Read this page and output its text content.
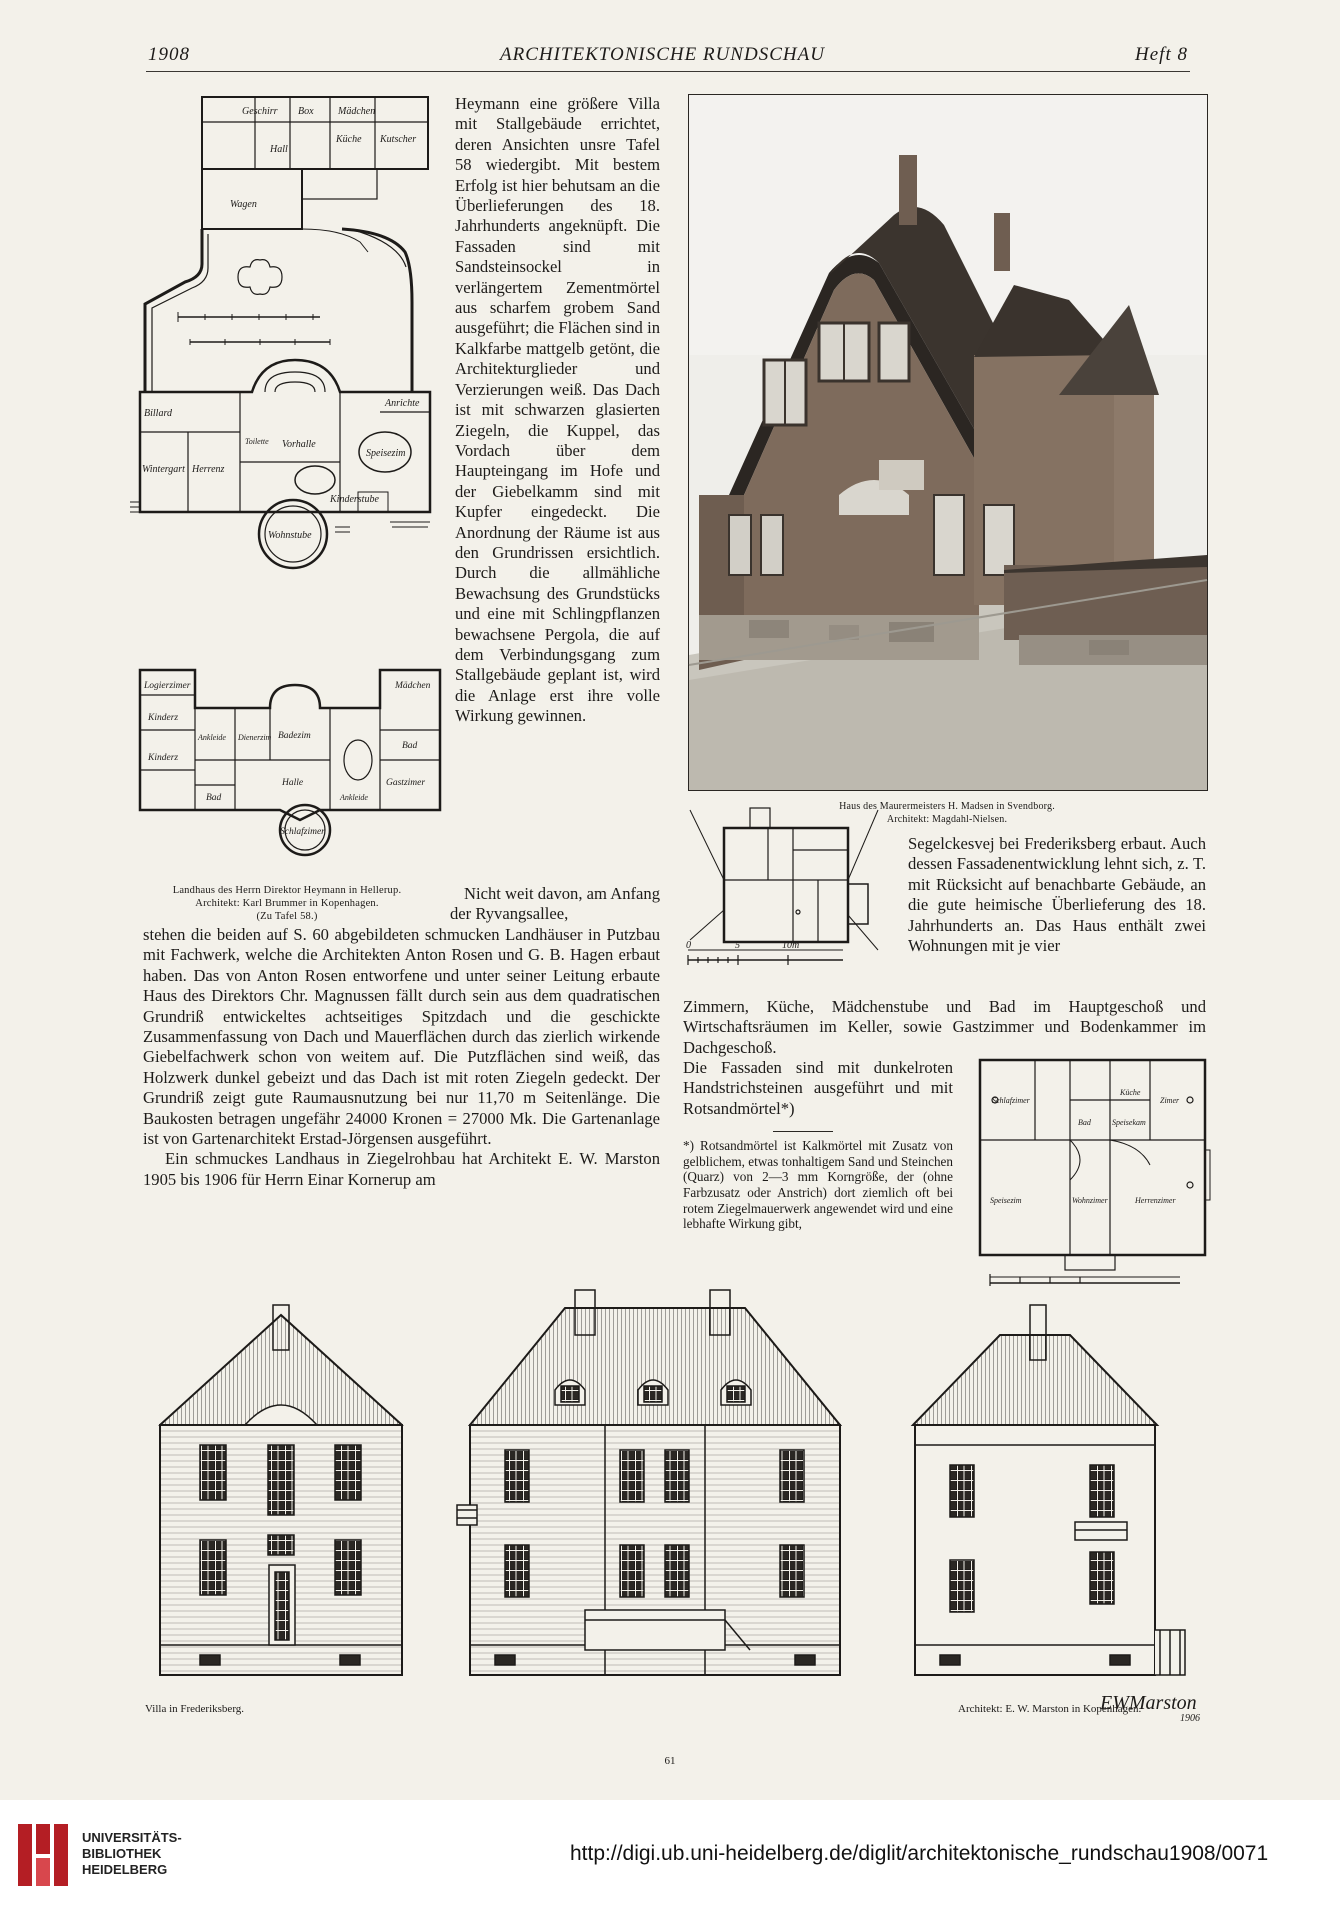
1908	ARCHITEKTONISCHE RUNDSCHAU	Heft 8
Geschirr Box Mädchen
Küche Kutscher
Hall
Wagen
Billard
Vorhalle
Speisezim
Wintergart Herrenz
Kinderstube
Wohnstube
Anrichte
Toilette
Logierzimer
Kinderz
Kinderz
Ankleide Dienerzim Badezim
Mädchen
Bad
Gastzimer
Bad
Halle
Schlafzimer
Ankleide
Landhaus des Herrn Direktor Heymann in Hellerup.
Architekt: Karl Brummer in Kopenhagen.
(Zu Tafel 58.)

Heymann eine größere Villa mit Stallgebäude errichtet, deren Ansichten unsre Tafel 58 wiedergibt. Mit bestem Erfolg ist hier behutsam an die Überlieferungen des 18. Jahrhunderts angeknüpft. Die Fassaden sind mit Sandsteinsockel in verlängertem Zementmörtel aus scharfem grobem Sand ausgeführt; die Flächen sind in Kalkfarbe mattgelb getönt, die Architekturglieder und Verzierungen weiß. Das Dach ist mit schwarzen glasierten Ziegeln, die Kuppel, das Vordach über dem Haupteingang im Hofe und der Giebelkamm sind mit Kupfer eingedeckt. Die Anordnung der Räume ist aus den Grundrissen ersichtlich. Durch die allmähliche Bewachsung des Grundstücks und eine mit Schlingpflanzen bewachsene Pergola, die auf dem Verbindungsgang zum Stallgebäude geplant ist, wird die Anlage erst ihre volle Wirkung gewinnen.

Nicht weit davon, am Anfang der Ryvangsallee,

stehen die beiden auf S. 60 abgebildeten schmucken Landhäuser in Putzbau mit Fachwerk, welche die Architekten Anton Rosen und G. B. Hagen erbaut haben. Das von Anton Rosen entworfene und unter seiner Leitung erbaute Haus des Direktors Chr. Magnussen fällt durch sein aus dem quadratischen Grundriß entwickeltes achtseitiges Spitzdach und die geschickte Zusammenfassung von Dach und Mauerflächen durch das zierlich wirkende Giebelfachwerk schon von weitem auf. Die Putzflächen sind weiß, das Holzwerk dunkel gebeizt und das Dach ist mit roten Ziegeln gedeckt. Der Grundriß zeigt gute Raumausnutzung bei nur 11,70 m Seitenlänge. Die Baukosten betragen ungefähr 24000 Kronen = 27000 Mk. Die Gartenanlage ist von Gartenarchitekt Erstad-Jörgensen ausgeführt.

Ein schmuckes Landhaus in Ziegelrohbau hat Architekt E. W. Marston 1905 bis 1906 für Herrn Einar Kornerup am

Haus des Maurermeisters H. Madsen in Svendborg.
Architekt: Magdahl-Nielsen.
0	5	10m

Segelckesvej bei Frederiksberg erbaut. Auch dessen Fassadenentwicklung lehnt sich, z. T. mit Rücksicht auf benachbarte Gebäude, an die gute heimische Überlieferung des 18. Jahrhunderts an. Das Haus enthält zwei Wohnungen mit je vier

Zimmern, Küche, Mädchenstube und Bad im Hauptgeschoß und Wirtschaftsräumen im Keller, sowie Gastzimmer und Bodenkammer im Dachgeschoß.

Die Fassaden sind mit dunkelroten Handstrichsteinen ausgeführt und mit Rotsandmörtel*)

*) Rotsandmörtel ist Kalkmörtel mit Zusatz von gelblichem, etwas tonhaltigem Sand und Steinchen (Quarz) von 2—3 mm Korngröße, der (ohne Farbzusatz oder Anstrich) dort ziemlich oft bei rotem Ziegelmauerwerk angewendet wird und eine lebhafte Wirkung gibt,

Schlafzimer
Küche
Zimer
Bad	Speisekam
Speisezim	Wohnzimer	Herrenzimer
Villa in Frederiksberg.	Architekt: E. W. Marston in Kopenhagen.
EWMarston
1906
61
UNIVERSITÄTS-
BIBLIOTHEK
HEIDELBERG
http://digi.ub.uni-heidelberg.de/diglit/architektonische_rundschau1908/0071
